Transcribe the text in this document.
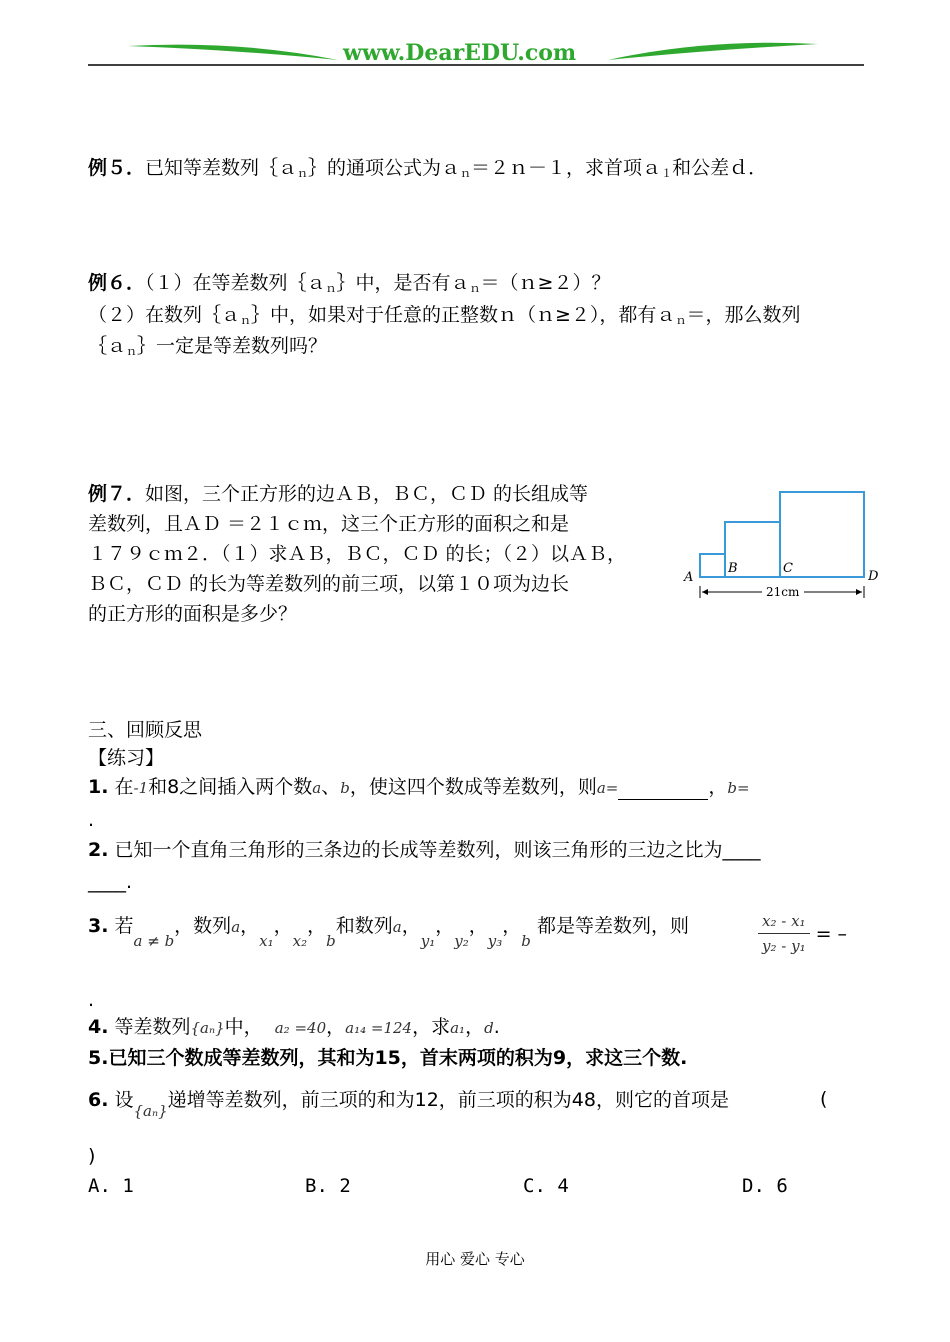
www.DearEDU.com
例５．已知等差数列｛ａ$_n$｝的通项公式为ａ$_n$＝２ｎ－１，求首项ａ$_1$和公差ｄ．
例６．（１）在等差数列｛ａ$_n$｝中，是否有ａ$_n$＝（ｎ≥２）？
（２）在数列｛ａ$_n$｝中，如果对于任意的正整数ｎ（ｎ≥２），都有ａ$_n$＝，那么数列
｛ａ$_n$｝一定是等差数列吗？
例７．如图，三个正方形的边ＡＢ，ＢＣ，ＣＤ 的长组成等
差数列，且ＡＤ ＝２１ｃｍ，这三个正方形的面积之和是
１７９ｃｍ２．（１）求ＡＢ，ＢＣ，ＣＤ 的长；（２）以ＡＢ，
ＢＣ，ＣＤ 的长为等差数列的前三项，以第１０项为边长
的正方形的面积是多少？
A
B	C
D
21cm
三、回顾反思
【练习】
1. 在-1和8之间插入两个数a、b，使这四个数成等差数列，则a=	，b=
.
2. 已知一个直角三角形的三条边的长成等差数列，则该三角形的三边之比为____
____.
3. 若$_{a \ne b}$，数列a，$_{x_1}$，$_{x_2}$，$_b$和数列a，$_{y_1}$，$_{y_2}$，$_{y_3}$，$_b$ 都是等差数列，则	$\frac{\text{x₂ - x₁}}{\text{y₂ - y₁}}$ = –
.
4. 等差数列{aₙ}中， a₂ =40，a₁₄ =124，求a₁，d.
5.已知三个数成等差数列，其和为15，首末两项的积为9，求这三个数.
6. 设$_{\{a_n\}}$递增等差数列，前三项的和为12，前三项的积为48，则它的首项是	(
)
A. 1	B. 2	C. 4	D. 6
用心 爱心 专心
